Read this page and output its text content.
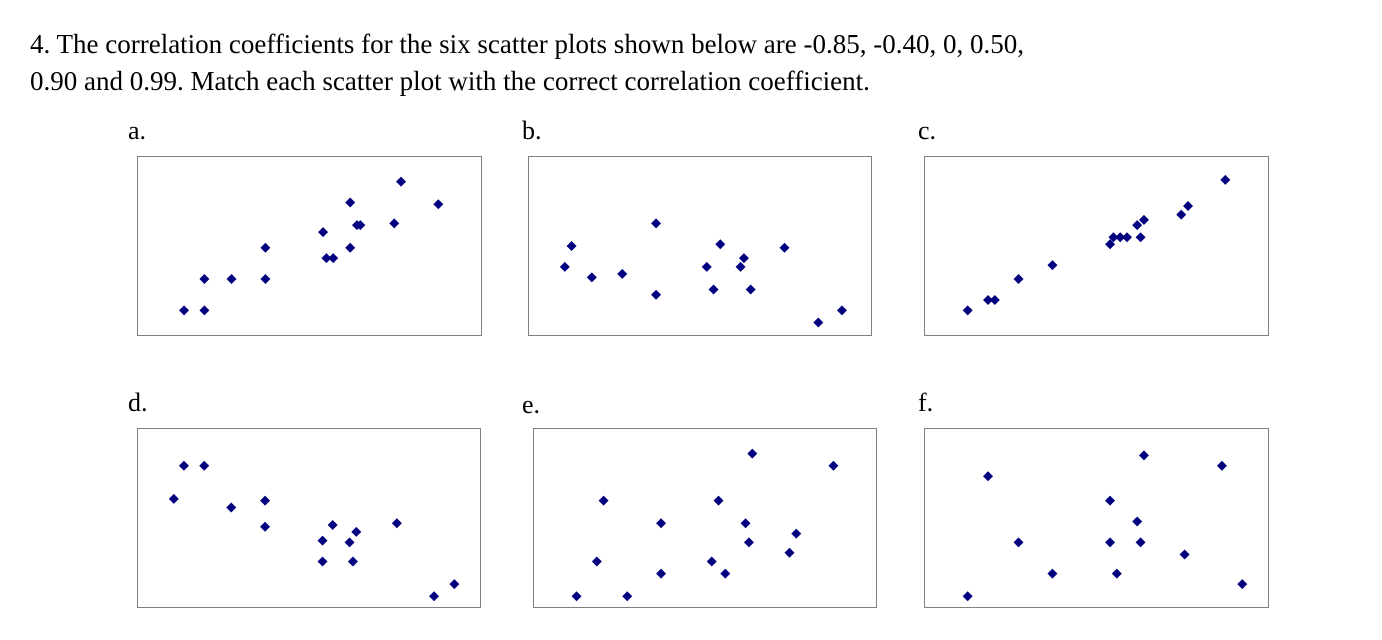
4. The correlation coefficients for the six scatter plots shown below are -0.85, -0.40, 0, 0.50,

0.90 and 0.99. Match each scatter plot with the correct correlation coefficient.

a.	b.	c.
d.	e.	f.
